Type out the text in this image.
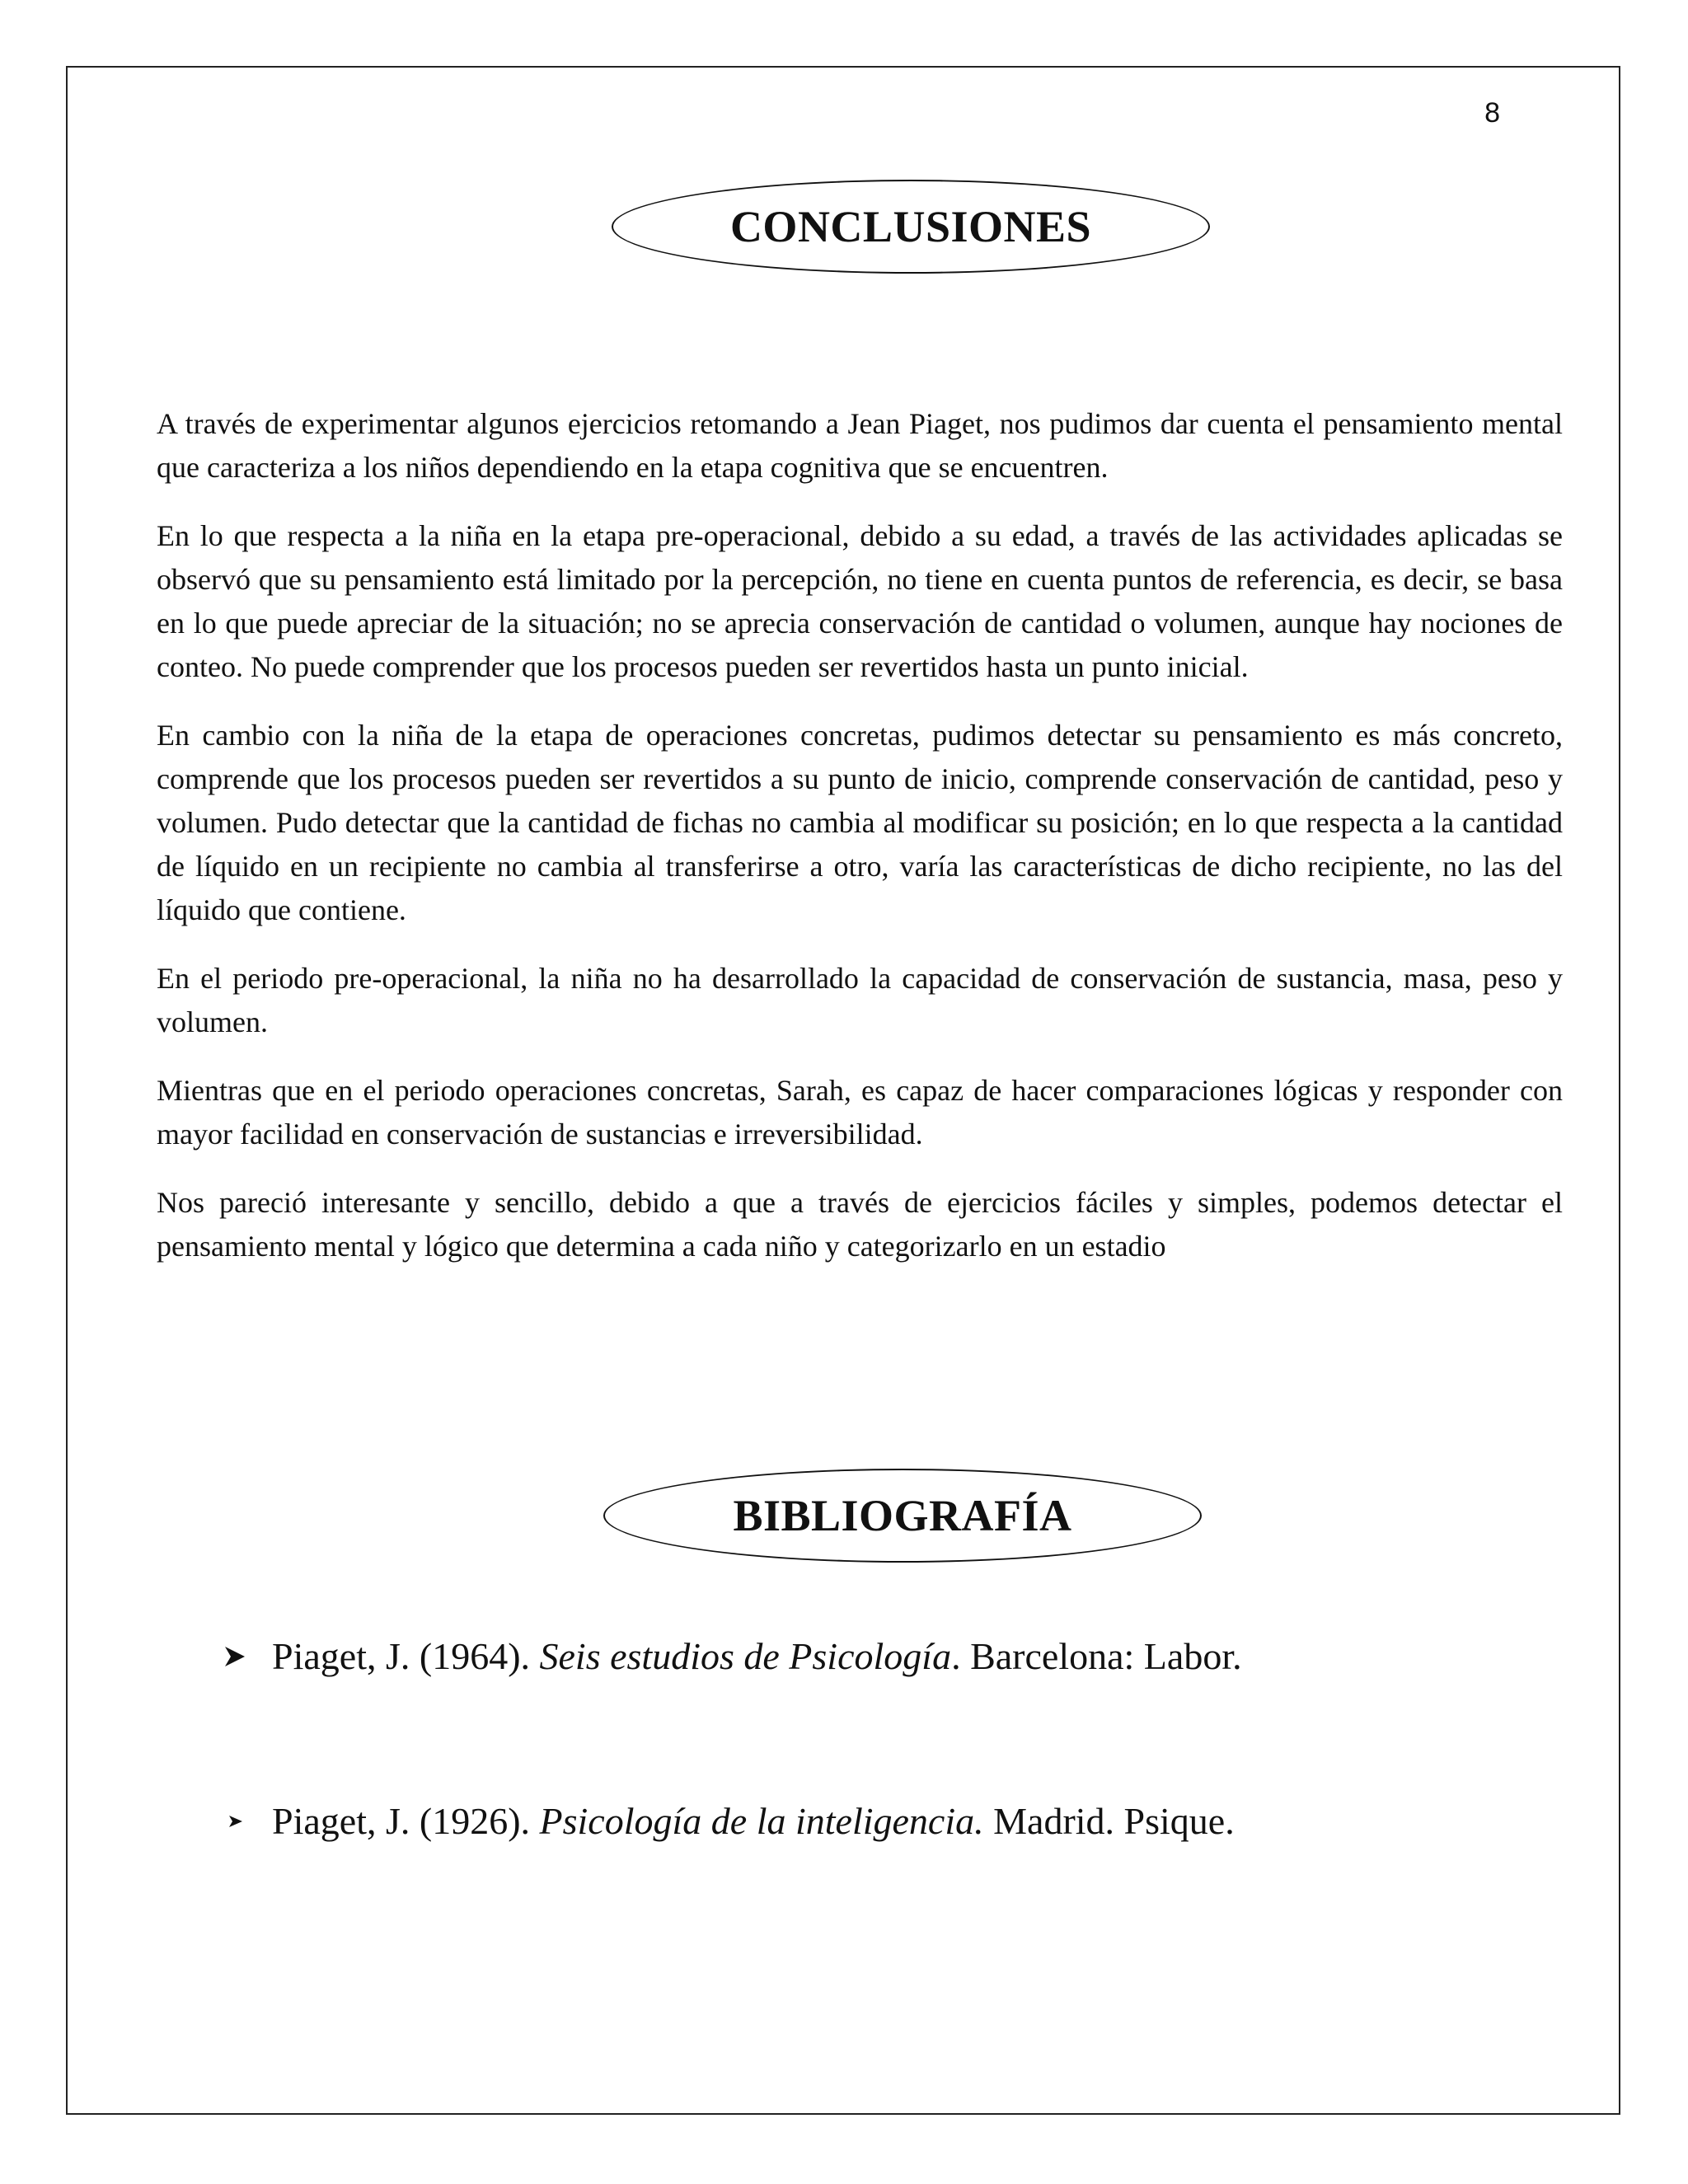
8
CONCLUSIONES

A través de experimentar algunos ejercicios retomando a Jean Piaget, nos pudimos dar cuenta el pensamiento mental que caracteriza a los niños dependiendo en la etapa cognitiva que se encuentren.

En lo que respecta a la niña en la etapa pre-operacional, debido a su edad, a través de las actividades aplicadas se observó que su pensamiento está limitado por la percepción, no tiene en cuenta puntos de referencia, es decir, se basa en lo que puede apreciar de la situación; no se aprecia conservación de cantidad o volumen, aunque hay nociones de conteo. No puede comprender que los procesos pueden ser revertidos hasta un punto inicial.

En cambio con la niña de la etapa de operaciones concretas, pudimos detectar su pensamiento es más concreto, comprende que los procesos pueden ser revertidos a su punto de inicio, comprende conservación de cantidad, peso y volumen. Pudo detectar que la cantidad de fichas no cambia al modificar su posición; en lo que respecta a la cantidad de líquido en un recipiente no cambia al transferirse a otro, varía las características de dicho recipiente, no las del líquido que contiene.

En el periodo pre-operacional, la niña no ha desarrollado la capacidad de conservación de sustancia, masa, peso y volumen.

Mientras que en el periodo operaciones concretas, Sarah, es capaz de hacer comparaciones lógicas y responder con mayor facilidad en conservación de sustancias e irreversibilidad.

Nos pareció interesante y sencillo, debido a que a través de ejercicios fáciles y simples, podemos detectar el pensamiento mental y lógico que determina a cada niño y categorizarlo en un estadio

BIBLIOGRAFÍA
Piaget, J. (1964). Seis estudios de Psicología. Barcelona: Labor.
Piaget, J. (1926). Psicología de la inteligencia. Madrid. Psique.
